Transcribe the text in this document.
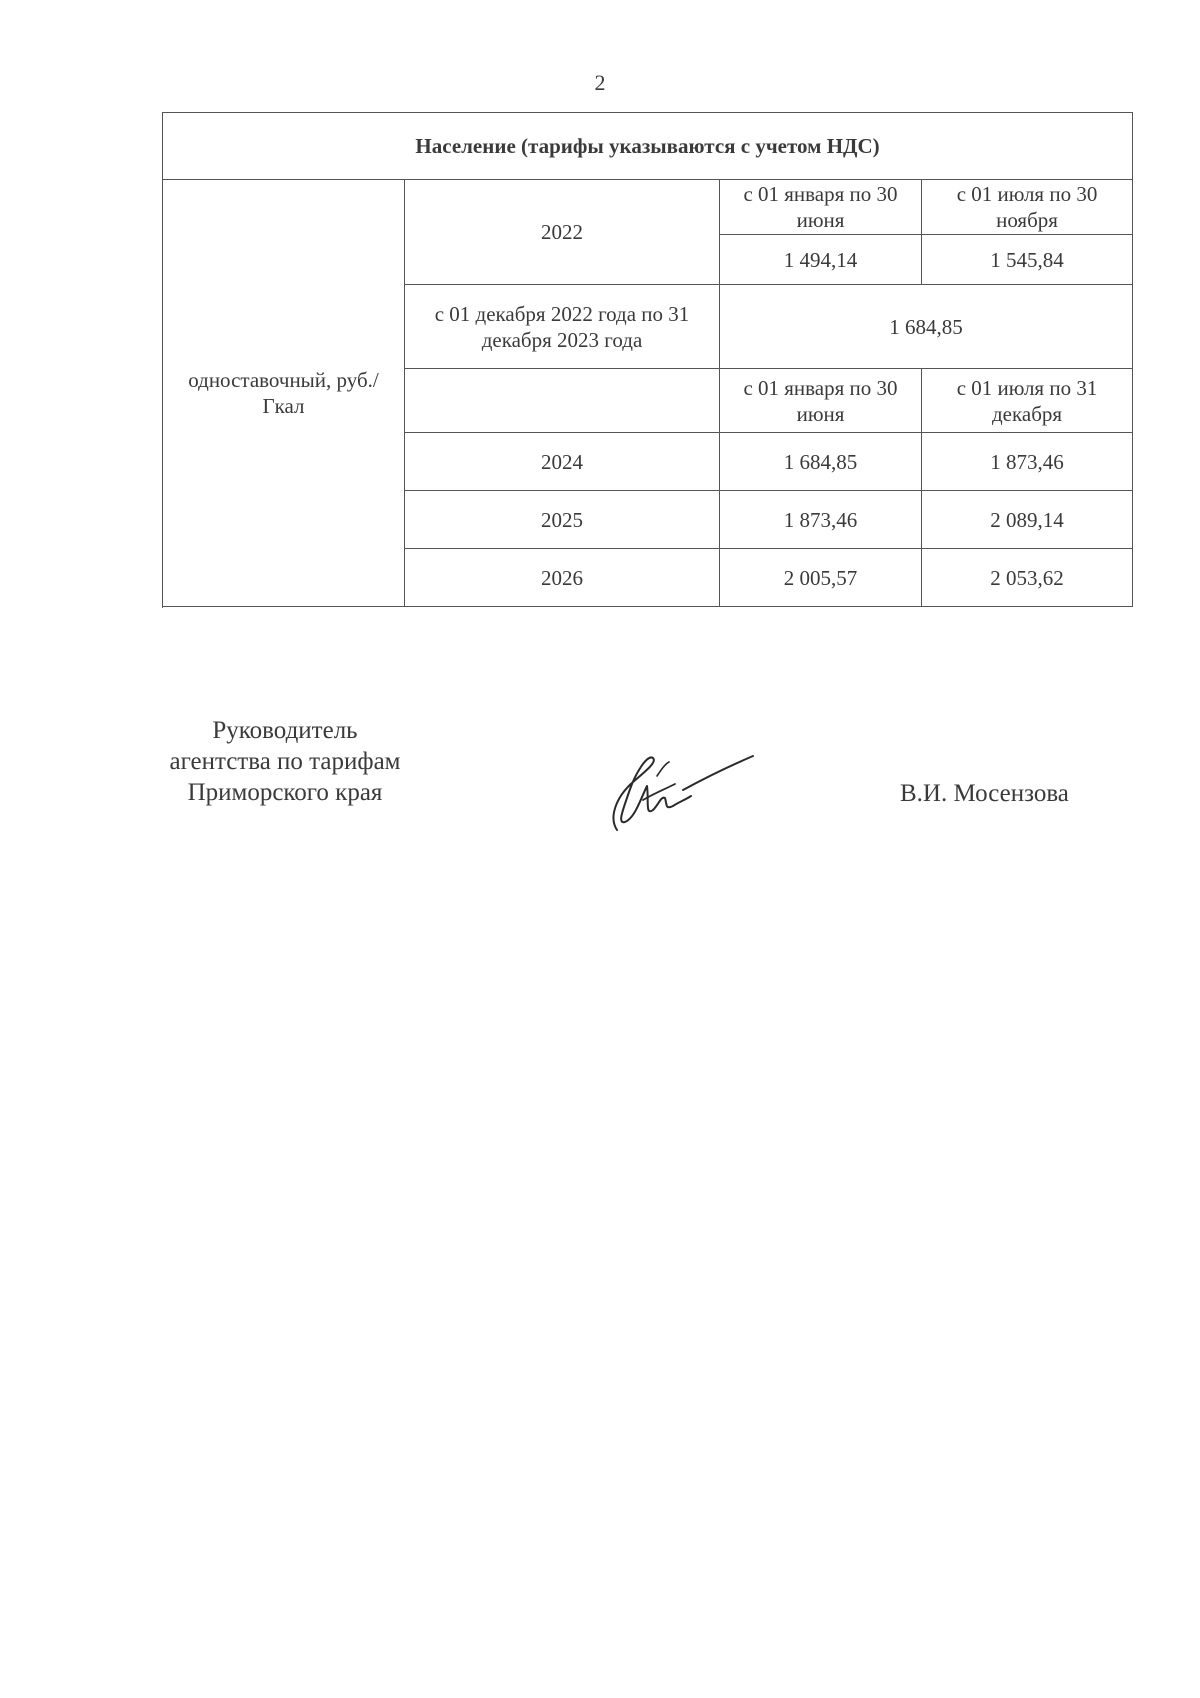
2
Население (тарифы указываются с учетом НДС)			
одноставочный, руб./Гкал	2022	с 01 января по 30 июня	с 01 июля по 30 ноября
		1 494,14	1 545,84
	с 01 декабря 2022 года по 31 декабря 2023 года	1 684,85	
		с 01 января по 30 июня	с 01 июля по 31 декабря
	2024	1 684,85	1 873,46
	2025	1 873,46	2 089,14
	2026	2 005,57	2 053,62

Руководитель
агентства по тарифам
Приморского края	В.И. Мосензова
